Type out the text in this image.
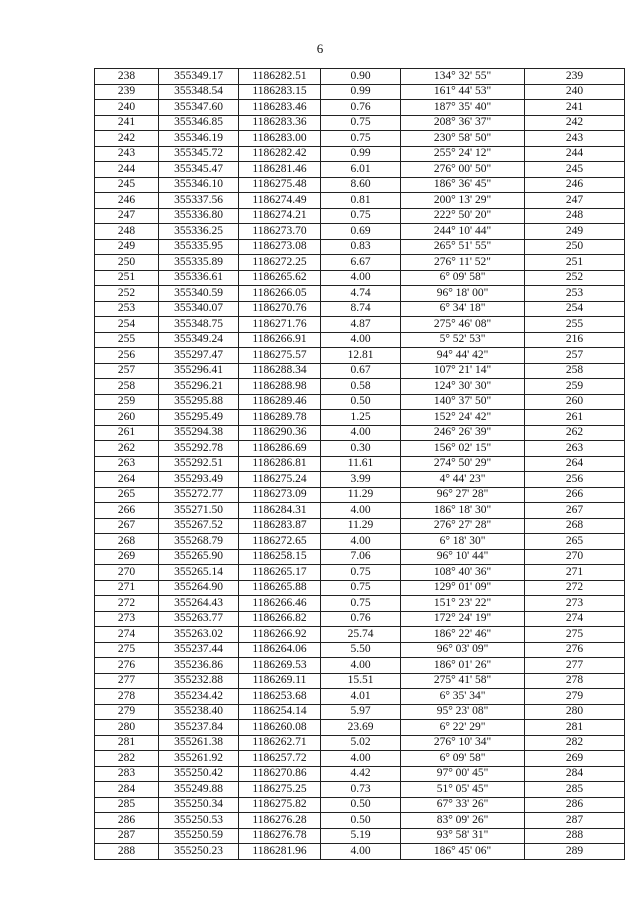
6
238	355349.17	1186282.51	0.90	134° 32' 55"	239
239	355348.54	1186283.15	0.99	161° 44' 53"	240
240	355347.60	1186283.46	0.76	187° 35' 40"	241
241	355346.85	1186283.36	0.75	208° 36' 37"	242
242	355346.19	1186283.00	0.75	230° 58' 50"	243
243	355345.72	1186282.42	0.99	255° 24' 12"	244
244	355345.47	1186281.46	6.01	276° 00' 50"	245
245	355346.10	1186275.48	8.60	186° 36' 45"	246
246	355337.56	1186274.49	0.81	200° 13' 29"	247
247	355336.80	1186274.21	0.75	222° 50' 20"	248
248	355336.25	1186273.70	0.69	244° 10' 44"	249
249	355335.95	1186273.08	0.83	265° 51' 55"	250
250	355335.89	1186272.25	6.67	276° 11' 52"	251
251	355336.61	1186265.62	4.00	6° 09' 58"	252
252	355340.59	1186266.05	4.74	96° 18' 00"	253
253	355340.07	1186270.76	8.74	6° 34' 18"	254
254	355348.75	1186271.76	4.87	275° 46' 08"	255
255	355349.24	1186266.91	4.00	5° 52' 53"	216
256	355297.47	1186275.57	12.81	94° 44' 42"	257
257	355296.41	1186288.34	0.67	107° 21' 14"	258
258	355296.21	1186288.98	0.58	124° 30' 30"	259
259	355295.88	1186289.46	0.50	140° 37' 50"	260
260	355295.49	1186289.78	1.25	152° 24' 42"	261
261	355294.38	1186290.36	4.00	246° 26' 39"	262
262	355292.78	1186286.69	0.30	156° 02' 15"	263
263	355292.51	1186286.81	11.61	274° 50' 29"	264
264	355293.49	1186275.24	3.99	4° 44' 23"	256
265	355272.77	1186273.09	11.29	96° 27' 28"	266
266	355271.50	1186284.31	4.00	186° 18' 30"	267
267	355267.52	1186283.87	11.29	276° 27' 28"	268
268	355268.79	1186272.65	4.00	6° 18' 30"	265
269	355265.90	1186258.15	7.06	96° 10' 44"	270
270	355265.14	1186265.17	0.75	108° 40' 36"	271
271	355264.90	1186265.88	0.75	129° 01' 09"	272
272	355264.43	1186266.46	0.75	151° 23' 22"	273
273	355263.77	1186266.82	0.76	172° 24' 19"	274
274	355263.02	1186266.92	25.74	186° 22' 46"	275
275	355237.44	1186264.06	5.50	96° 03' 09"	276
276	355236.86	1186269.53	4.00	186° 01' 26"	277
277	355232.88	1186269.11	15.51	275° 41' 58"	278
278	355234.42	1186253.68	4.01	6° 35' 34"	279
279	355238.40	1186254.14	5.97	95° 23' 08"	280
280	355237.84	1186260.08	23.69	6° 22' 29"	281
281	355261.38	1186262.71	5.02	276° 10' 34"	282
282	355261.92	1186257.72	4.00	6° 09' 58"	269
283	355250.42	1186270.86	4.42	97° 00' 45"	284
284	355249.88	1186275.25	0.73	51° 05' 45"	285
285	355250.34	1186275.82	0.50	67° 33' 26"	286
286	355250.53	1186276.28	0.50	83° 09' 26"	287
287	355250.59	1186276.78	5.19	93° 58' 31"	288
288	355250.23	1186281.96	4.00	186° 45' 06"	289
